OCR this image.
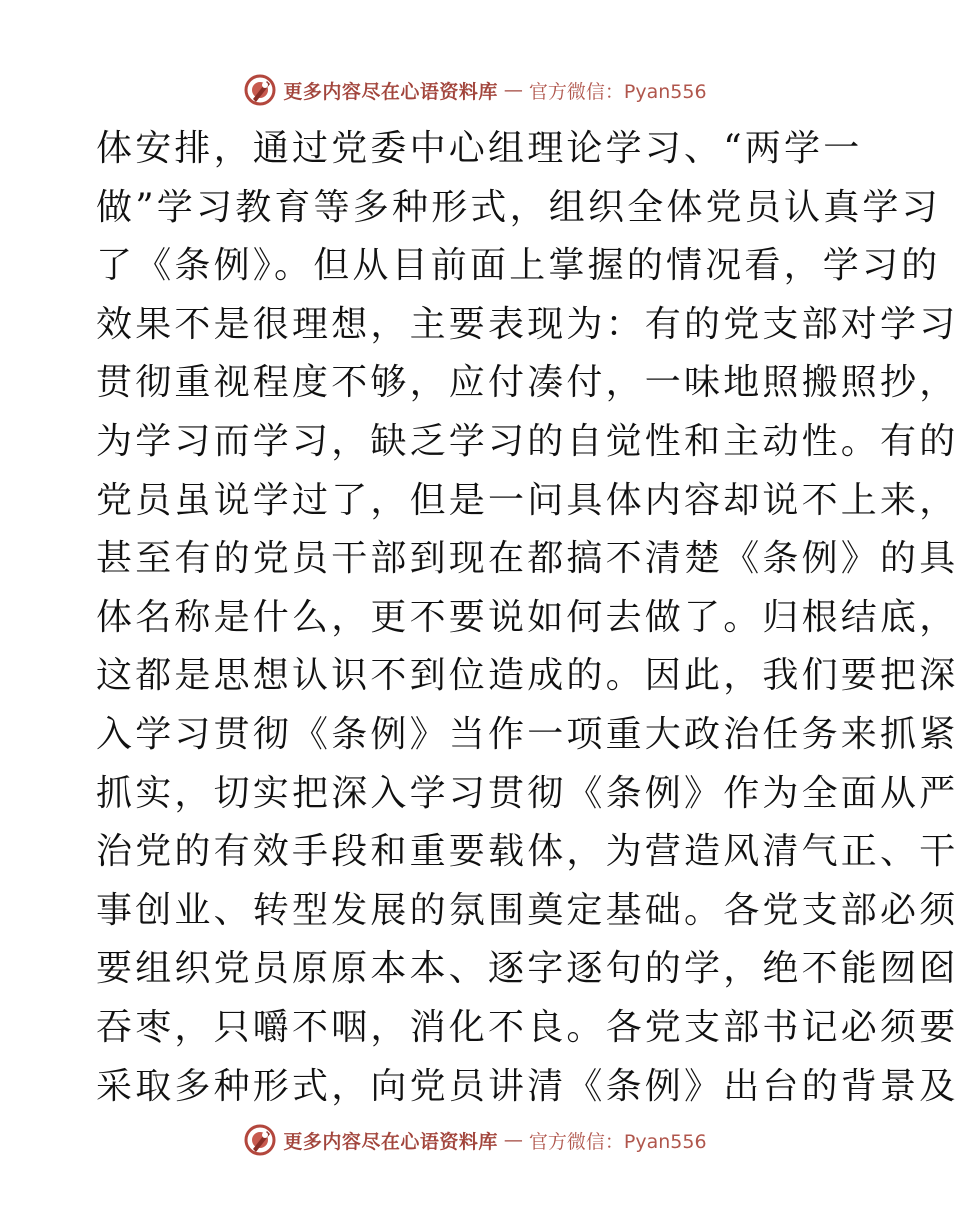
更多内容尽在心语资料库 — 官方微信：Pyan556
体安排，通过党委中心组理论学习、“两学一
做”学习教育等多种形式，组织全体党员认真学习
了《条例》。但从目前面上掌握的情况看，学习的
效果不是很理想，主要表现为：有的党支部对学习
贯彻重视程度不够，应付凑付，一味地照搬照抄，
为学习而学习，缺乏学习的自觉性和主动性。有的
党员虽说学过了，但是一问具体内容却说不上来，
甚至有的党员干部到现在都搞不清楚《条例》的具
体名称是什么，更不要说如何去做了。归根结底，
这都是思想认识不到位造成的。因此，我们要把深
入学习贯彻《条例》当作一项重大政治任务来抓紧
抓实，切实把深入学习贯彻《条例》作为全面从严
治党的有效手段和重要载体，为营造风清气正、干
事创业、转型发展的氛围奠定基础。各党支部必须
要组织党员原原本本、逐字逐句的学，绝不能囫囵
吞枣，只嚼不咽，消化不良。各党支部书记必须要
采取多种形式，向党员讲清《条例》出台的背景及
更多内容尽在心语资料库 — 官方微信：Pyan556
